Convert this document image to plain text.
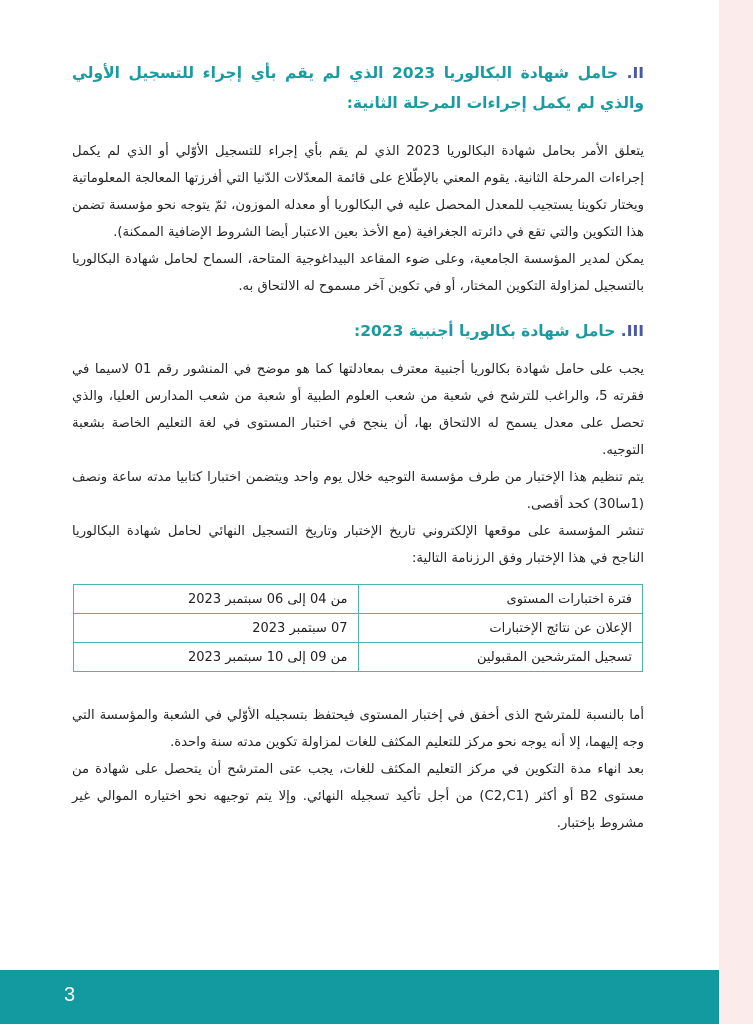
II. حامل شهادة البكالوريا 2023 الذي لم يقم بأي إجراء للتسجيل الأولي والذي لم يكمل إجراءات المرحلة الثانية:

يتعلق الأمر بحامل شهادة البكالوريا 2023 الذي لم يقم بأي إجراء للتسجيل الأوّلي أو الذي لم يكمل إجراءات المرحلة الثانية. يقوم المعني بالإطّلاع على قائمة المعدّلات الدّنيا التي أفرزتها المعالجة المعلوماتية ويختار تكوينا يستجيب للمعدل المحصل عليه في البكالوريا أو معدله الموزون، ثمّ يتوجه نحو مؤسسة تضمن هذا التكوين والتي تقع في دائرته الجغرافية (مع الأخذ بعين الاعتبار أيضا الشروط الإضافية الممكنة).

يمكن لمدير المؤسسة الجامعية، وعلى ضوء المقاعد البيداغوجية المتاحة، السماح لحامل شهادة البكالوريا بالتسجيل لمزاولة التكوين المختار، أو في تكوين آخر مسموح له الالتحاق به.

III. حامل شهادة بكالوريا أجنبية 2023:

يجب على حامل شهادة بكالوريا أجنبية معترف بمعادلتها كما هو موضح في المنشور رقم 01 لاسيما في فقرته 5، والراغب للترشح في شعبة من شعب العلوم الطبية أو شعبة من شعب المدارس العليا، والذي تحصل على معدل يسمح له الالتحاق بها، أن ينجح في اختبار المستوى في لغة التعليم الخاصة بشعبة التوجيه.

يتم تنظيم هذا الإختبار من طرف مؤسسة التوجيه خلال يوم واحد ويتضمن اختبارا كتابيا مدته ساعة ونصف (1سا30) كحد أقصى.

تنشر المؤسسة على موقعها الإلكتروني تاريخ الإختبار وتاريخ التسجيل النهائي لحامل شهادة البكالوريا الناجح في هذا الإختبار وفق الرزنامة التالية:

فترة اختبارات المستوى	من 04 إلى 06 سبتمبر 2023
الإعلان عن نتائج الإختبارات	07 سبتمبر 2023
تسجيل المترشحين المقبولين	من 09 إلى 10 سبتمبر 2023

أما بالنسبة للمترشح الذى أخفق في إختبار المستوى فيحتفظ بتسجيله الأوّلي في الشعبة والمؤسسة التي وجه إليهما، إلا أنه يوجه نحو مركز للتعليم المكثف للغات لمزاولة تكوين مدته سنة واحدة.

بعد انهاء مدة التكوين في مركز التعليم المكثف للغات، يجب عتى المترشح أن يتحصل على شهادة من مستوى B2 أو أكثر (C2,C1) من أجل تأكيد تسجيله النهائي. وإلا يتم توجيهه نحو اختياره الموالي غير مشروط بإختبار.

3
